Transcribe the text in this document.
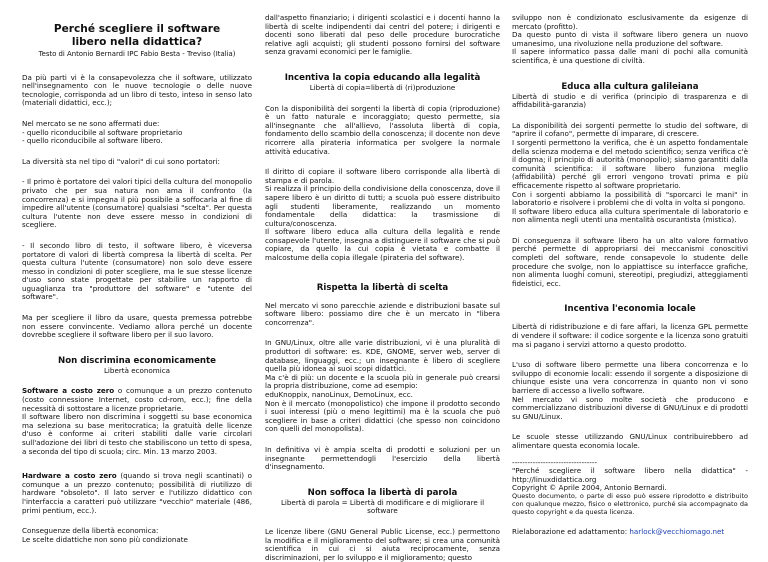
Perché scegliere il software
libero nella didattica?

Testo di Antonio Bernardi IPC Fabio Besta - Treviso (Italia)

Da più parti vi è la consapevolezza che il software, utilizzato nell'insegnamento con le nuove tecnologie o delle nuove tecnologie, corrisponda ad un libro di testo, inteso in senso lato (materiali didattici, ecc.);

Nel mercato se ne sono affermati due:

- quello riconducibile al software proprietario

- quello riconducibile al software libero.

La diversità sta nel tipo di "valori" di cui sono portatori:

- Il primo è portatore dei valori tipici della cultura del monopolio privato che per sua natura non ama il confronto (la concorrenza) e si impegna il più possibile a soffocarla al fine di impedire all'utente (consumatore) qualsiasi "scelta". Per questa cultura l'utente non deve essere messo in condizioni di scegliere.

- Il secondo libro di testo, il software libero, è viceversa portatore di valori di libertà compresa la libertà di scelta. Per questa cultura l'utente (consumatore) non solo deve essere messo in condizioni di poter scegliere, ma le sue stesse licenze d'uso sono state progettate per stabilire un rapporto di uguaglianza tra "produttore del software" e "utente del software".

Ma per scegliere il libro da usare, questa premessa potrebbe non essere convincente. Vediamo allora perché un docente dovrebbe scegliere il software libero per il suo lavoro.

Non discrimina economicamente

Libertà economica

Software a costo zero o comunque a un prezzo contenuto (costo connessione Internet, costo cd-rom, ecc.); fine della necessità di sottostare a licenze proprietarie.

Il software libero non discrimina i soggetti su base economica ma seleziona su base meritocratica; la gratuità delle licenze d'uso è conforme ai criteri stabiliti dalle varie circolari sull'adozione dei libri di testo che stabiliscono un tetto di spesa, a seconda del tipo di scuola; circ. Min. 13 marzo 2003.

Hardware a costo zero (quando si trova negli scantinati) o comunque a un prezzo contenuto; possibilità di riutilizzo di hardware "obsoleto". Il lato server e l'utilizzo didattico con l'interfaccia a caratteri può utilizzare "vecchio" materiale (486, primi pentium, ecc.).

Conseguenze della libertà economica:

Le scelte didattiche non sono più condizionate

dall'aspetto finanziario; i dirigenti scolastici e i docenti hanno la libertà di scelte indipendenti dai centri del potere; i dirigenti e docenti sono liberati dal peso delle procedure burocratiche relative agli acquisti; gli studenti possono fornirsi del software senza gravami economici per le famiglie.

Incentiva la copia educando alla legalità

Libertà di copia=libertà di (ri)produzione

Con la disponibilità dei sorgenti la libertà di copia (riproduzione) è un fatto naturale e incoraggiato; questo permette, sia all'insegnante che all'allievo, l'assoluta libertà di copia, fondamento dello scambio della conoscenza; il docente non deve ricorrere alla pirateria informatica per svolgere la normale attività educativa.

Il diritto di copiare il software libero corrisponde alla libertà di stampa e di parola.
Si realizza il principio della condivisione della conoscenza, dove il sapere libero è un diritto di tutti; a scuola può essere distribuito agli studenti liberamente, realizzando un momento fondamentale della didattica: la trasmissione di cultura/conoscenza.
Il software libero educa alla cultura della legalità e rende consapevole l'utente, insegna a distinguere il software che si può copiare, da quello la cui copia è vietata e combatte il malcostume della copia illegale (pirateria del software).

Rispetta la libertà di scelta

Nel mercato vi sono parecchie aziende e distribuzioni basate sul software libero: possiamo dire che è un mercato in "libera concorrenza".

In GNU/Linux, oltre alle varie distribuzioni, vi è una pluralità di produttori di software: es. KDE, GNOME, server web, server di database, linguaggi, ecc.; un insegnante è libero di scegliere quella più idonea ai suoi scopi didattici.
Ma c'è di più: un docente e la scuola più in generale può crearsi la propria distribuzione, come ad esempio:
eduKnoppix, nanoLinux, DemoLinux, ecc.
Non è il mercato (monopolistico) che impone il prodotto secondo i suoi interessi (più o meno legittimi) ma è la scuola che può scegliere in base a criteri didattici (che spesso non coincidono con quelli del monopolista).

In definitiva vi è ampia scelta di prodotti e soluzioni per un insegnante permettendogli l'esercizio della libertà d'insegnamento.

Non soffoca la libertà di parola

Libertà di parola = Libertà di modificare e di migliorare il software

Le licenze libere (GNU General Public License, ecc.) permettono la modifica e il miglioramento del software; si crea una comunità scientifica in cui ci si aiuta reciprocamente, senza discriminazioni, per lo sviluppo e il miglioramento; questo

sviluppo non è condizionato esclusivamente da esigenze di mercato (profitto).
Da questo punto di vista il software libero genera un nuovo umanesimo, una rivoluzione nella produzione del software.
Il sapere informatico passa dalle mani di pochi alla comunità scientifica, è una questione di civiltà.

Educa alla cultura galileiana

Libertà di studio e di verifica (principio di trasparenza e di affidabilità-garanzia)

La disponibilità dei sorgenti permette lo studio del software, di "aprire il cofano", permette di imparare, di crescere.
I sorgenti permettono la verifica, che è un aspetto fondamentale della scienza moderna e del metodo scientifico; senza verifica c'è il dogma; il principio di autorità (monopolio); siamo garantiti dalla comunità scientifica: il software libero funziona meglio (affidabilità) perché gli errori vengono trovati prima e più efficacemente rispetto al software proprietario.
Con i sorgenti abbiamo la possibilità di "sporcarci le mani" in laboratorio e risolvere i problemi che di volta in volta si pongono.
Il software libero educa alla cultura sperimentale di laboratorio e non alimenta negli utenti una mentalità oscurantista (mistica).

Di conseguenza il software libero ha un alto valore formativo perché permette di appropriarsi dei meccanismi conoscitivi completi del software, rende consapevole lo studente delle procedure che svolge, non lo appiattisce su interfacce grafiche, non alimenta luoghi comuni, stereotipi, pregiudizi, atteggiamenti fideistici, ecc.

Incentiva l'economia locale

Libertà di ridistribuzione e di fare affari, la licenza GPL permette di vendere il software: il codice sorgente e la licenza sono gratuiti ma si pagano i servizi attorno a questo prodotto.

L'uso di software libero permette una libera concorrenza e lo sviluppo di economie locali: essendo il sorgente a disposizione di chiunque esiste una vera concorrenza in quanto non vi sono barriere di accesso a livello software.
Nel mercato vi sono molte società che producono e commercializzano distribuzioni diverse di GNU/Linux e di prodotti su GNU/Linux.

Le scuole stesse utilizzando GNU/Linux contribuirebbero ad alimentare questa economia locale.

---------------------------------

"Perché scegliere il software libero nella didattica" - http://linuxdidattica.org
Copyright © Aprile 2004, Antonio Bernardi.

Questo documento, o parte di esso può essere riprodotto e distribuito con qualunque mezzo, fisico o elettronico, purché sia accompagnato da questo copyright e da questa licenza.

Rielaborazione ed adattamento: harlock@vecchiomago.net
